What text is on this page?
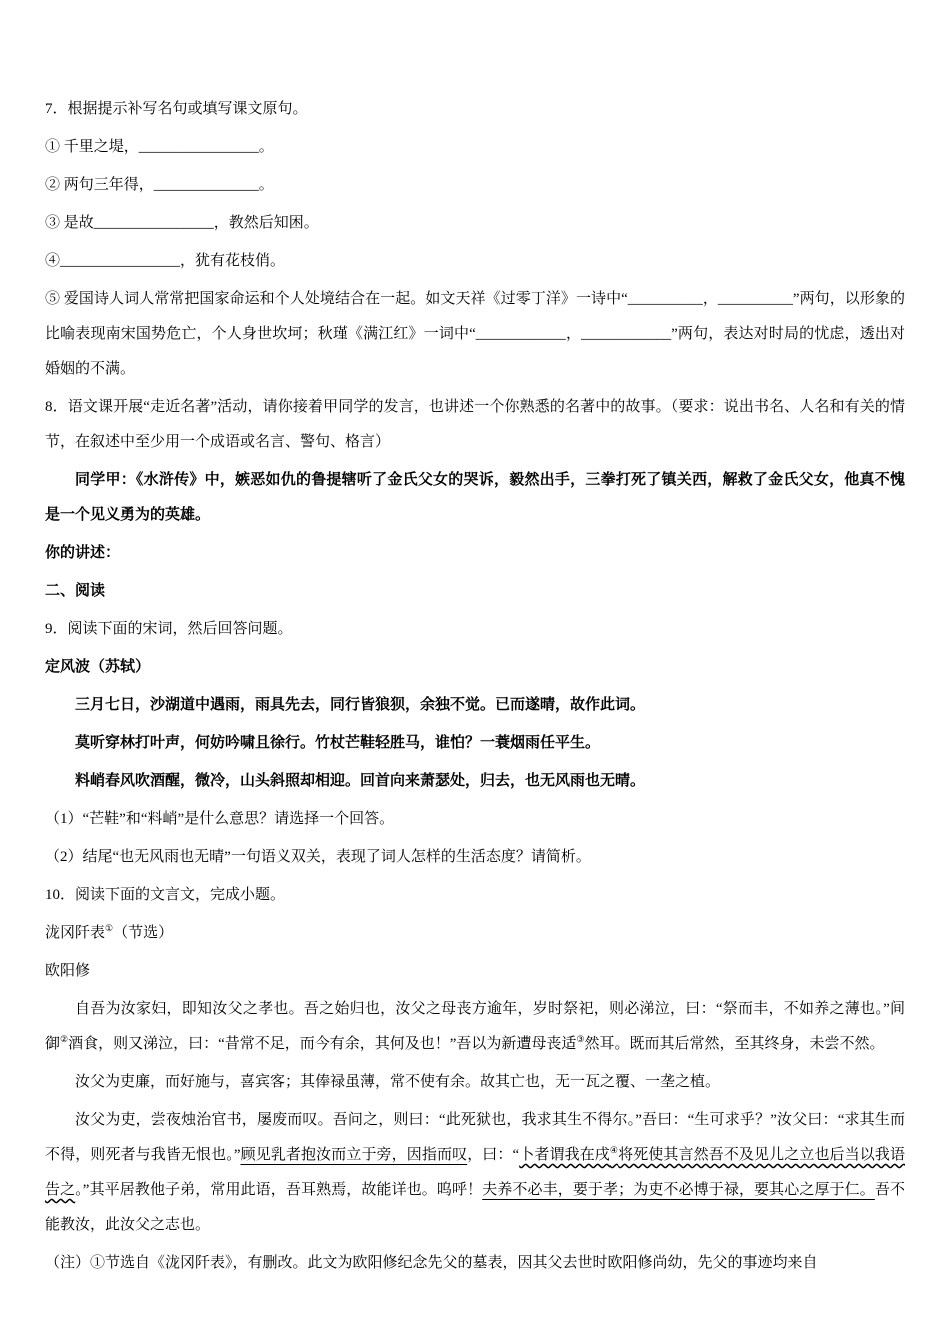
7．根据提示补写名句或填写课文原句。

① 千里之堤，________________。

② 两句三年得，______________。

③ 是故________________，教然后知困。

④________________，犹有花枝俏。

⑤ 爱国诗人词人常常把国家命运和个人处境结合在一起。如文天祥《过零丁洋》一诗中“__________，__________”两句，以形象的比喻表现南宋国势危亡，个人身世坎坷；秋瑾《满江红》一词中“____________，____________”两句，表达对时局的忧虑，透出对婚姻的不满。

8．语文课开展“走近名著”活动，请你接着甲同学的发言，也讲述一个你熟悉的名著中的故事。（要求：说出书名、人名和有关的情节，在叙述中至少用一个成语或名言、警句、格言）

同学甲：《水浒传》中，嫉恶如仇的鲁提辖听了金氏父女的哭诉，毅然出手，三拳打死了镇关西，解救了金氏父女，他真不愧是一个见义勇为的英雄。

你的讲述：

二、阅读

9．阅读下面的宋词，然后回答问题。

定风波（苏轼）

三月七日，沙湖道中遇雨，雨具先去，同行皆狼狈，余独不觉。已而遂晴，故作此词。

莫听穿林打叶声，何妨吟啸且徐行。竹杖芒鞋轻胜马，谁怕？一蓑烟雨任平生。

料峭春风吹酒醒，微冷，山头斜照却相迎。回首向来萧瑟处，归去，也无风雨也无晴。

（1）“芒鞋”和“料峭”是什么意思？请选择一个回答。

（2）结尾“也无风雨也无晴”一句语义双关，表现了词人怎样的生活态度？请简析。

10．阅读下面的文言文，完成小题。

泷冈阡表①（节选）

欧阳修

自吾为汝家妇，即知汝父之孝也。吾之始归也，汝父之母丧方逾年，岁时祭祀，则必涕泣，曰：“祭而丰，不如养之薄也。”间御②酒食，则又涕泣，曰：“昔常不足，而今有余，其何及也！”吾以为新遭母丧适③然耳。既而其后常然，至其终身，未尝不然。

汝父为吏廉，而好施与，喜宾客；其俸禄虽薄，常不使有余。故其亡也，无一瓦之覆、一垄之植。

汝父为吏，尝夜烛治官书，屡废而叹。吾问之，则曰：“此死狱也，我求其生不得尔。”吾曰：“生可求乎？”汝父曰：“求其生而不得，则死者与我皆无恨也。”顾见乳者抱汝而立于旁，因指而叹，曰：“卜者谓我在戌④将死使其言然吾不及见儿之立也后当以我语告之。”其平居教他子弟，常用此语，吾耳熟焉，故能详也。呜呼！夫养不必丰，要于孝；为吏不必博于禄，要其心之厚于仁。吾不能教汝，此汝父之志也。

（注）①节选自《泷冈阡表》，有删改。此文为欧阳修纪念先父的墓表，因其父去世时欧阳修尚幼，先父的事迹均来自
